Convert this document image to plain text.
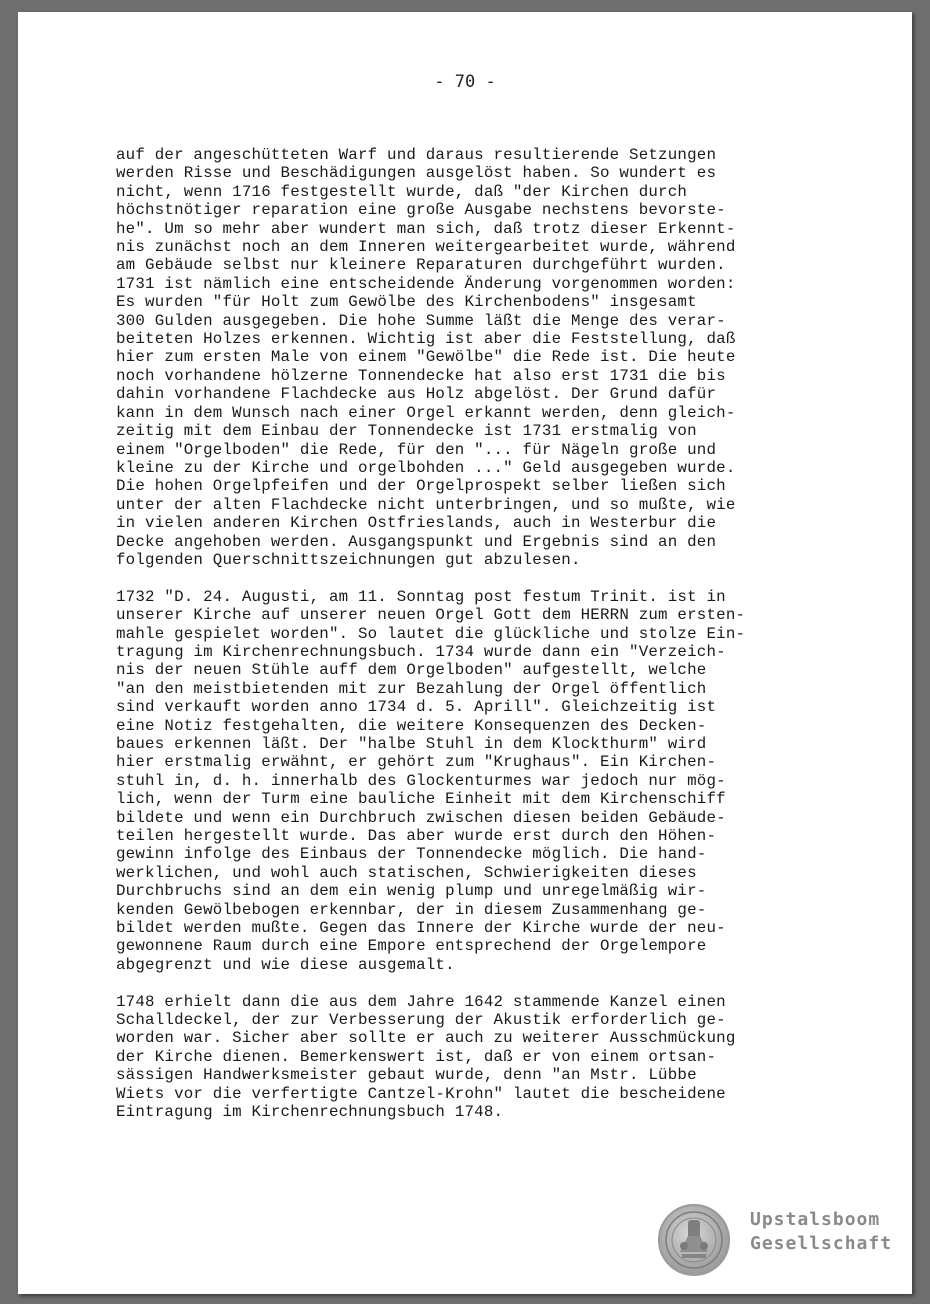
- 70 -
auf der angeschütteten Warf und daraus resultierende Setzungen
werden Risse und Beschädigungen ausgelöst haben. So wundert es
nicht, wenn 1716 festgestellt wurde, daß "der Kirchen durch
höchstnötiger reparation eine große Ausgabe nechstens bevorste-
he". Um so mehr aber wundert man sich, daß trotz dieser Erkennt-
nis zunächst noch an dem Inneren weitergearbeitet wurde, während
am Gebäude selbst nur kleinere Reparaturen durchgeführt wurden.
1731 ist nämlich eine entscheidende Änderung vorgenommen worden:
Es wurden "für Holt zum Gewölbe des Kirchenbodens" insgesamt
300 Gulden ausgegeben. Die hohe Summe läßt die Menge des verar-
beiteten Holzes erkennen. Wichtig ist aber die Feststellung, daß
hier zum ersten Male von einem "Gewölbe" die Rede ist. Die heute
noch vorhandene hölzerne Tonnendecke hat also erst 1731 die bis
dahin vorhandene Flachdecke aus Holz abgelöst. Der Grund dafür
kann in dem Wunsch nach einer Orgel erkannt werden, denn gleich-
zeitig mit dem Einbau der Tonnendecke ist 1731 erstmalig von
einem "Orgelboden" die Rede, für den "... für Nägeln große und
kleine zu der Kirche und orgelbohden ..." Geld ausgegeben wurde.
Die hohen Orgelpfeifen und der Orgelprospekt selber ließen sich
unter der alten Flachdecke nicht unterbringen, und so mußte, wie
in vielen anderen Kirchen Ostfrieslands, auch in Westerbur die
Decke angehoben werden. Ausgangspunkt und Ergebnis sind an den
folgenden Querschnittszeichnungen gut abzulesen.
1732 "D. 24. Augusti, am 11. Sonntag post festum Trinit. ist in
unserer Kirche auf unserer neuen Orgel Gott dem HERRN zum ersten-
mahle gespielet worden". So lautet die glückliche und stolze Ein-
tragung im Kirchenrechnungsbuch. 1734 wurde dann ein "Verzeich-
nis der neuen Stühle auff dem Orgelboden" aufgestellt, welche
"an den meistbietenden mit zur Bezahlung der Orgel öffentlich
sind verkauft worden anno 1734 d. 5. Aprill". Gleichzeitig ist
eine Notiz festgehalten, die weitere Konsequenzen des Decken-
baues erkennen läßt. Der "halbe Stuhl in dem Klockthurm" wird
hier erstmalig erwähnt, er gehört zum "Krughaus". Ein Kirchen-
stuhl in, d. h. innerhalb des Glockenturmes war jedoch nur mög-
lich, wenn der Turm eine bauliche Einheit mit dem Kirchenschiff
bildete und wenn ein Durchbruch zwischen diesen beiden Gebäude-
teilen hergestellt wurde. Das aber wurde erst durch den Höhen-
gewinn infolge des Einbaus der Tonnendecke möglich. Die hand-
werklichen, und wohl auch statischen, Schwierigkeiten dieses
Durchbruchs sind an dem ein wenig plump und unregelmäßig wir-
kenden Gewölbebogen erkennbar, der in diesem Zusammenhang ge-
bildet werden mußte. Gegen das Innere der Kirche wurde der neu-
gewonnene Raum durch eine Empore entsprechend der Orgelempore
abgegrenzt und wie diese ausgemalt.
1748 erhielt dann die aus dem Jahre 1642 stammende Kanzel einen
Schalldeckel, der zur Verbesserung der Akustik erforderlich ge-
worden war. Sicher aber sollte er auch zu weiterer Ausschmückung
der Kirche dienen. Bemerkenswert ist, daß er von einem ortsan-
sässigen Handwerksmeister gebaut wurde, denn "an Mstr. Lübbe
Wiets vor die verfertigte Cantzel-Krohn" lautet die bescheidene
Eintragung im Kirchenrechnungsbuch 1748.
Upstalsboom
Gesellschaft
